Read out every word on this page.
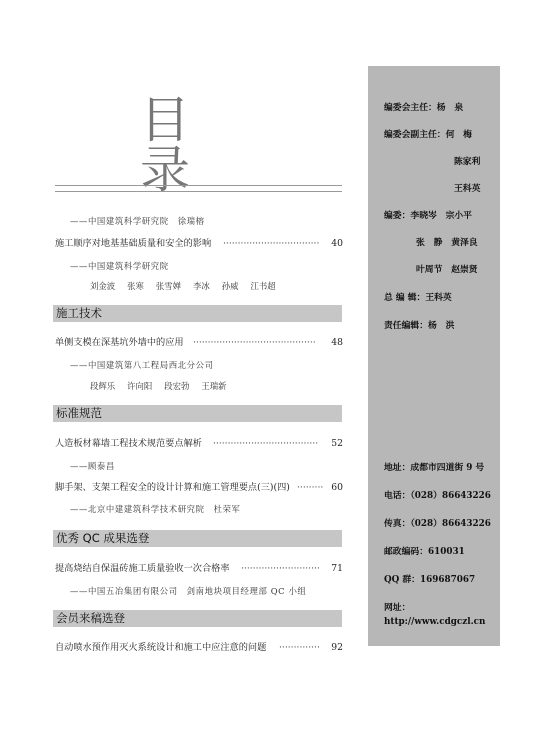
目 录
——中国建筑科学研究院　徐瑞榕
施工顺序对地基基础质量和安全的影响 ·································	40
——中国建筑科学研究院
刘金波 张寒 张雪婵 李冰 孙威 江书超
施工技术
单侧支模在深基坑外墙中的应用 ··········································	48
——中国建筑第八工程局西北分公司
段辉乐 许向阳 段宏勃 王瑞新
标准规范
人造板材幕墙工程技术规范要点解析 ····································	52
——顾泰昌
脚手架、支架工程安全的设计计算和施工管理要点(三)(四) ········· 60
——北京中建建筑科学技术研究院　杜荣军
优秀 QC 成果选登
提高烧结自保温砖施工质量验收一次合格率 ···························	71
——中国五冶集团有限公司　剑南地块项目经理部 QC 小组
会员来稿选登
自动喷水预作用灭火系统设计和施工中应注意的问题 ··············	92
编委会主任：杨　泉
编委会副主任：何　梅
陈家利
王科英
编委：李晓岑　宗小平
张　静　黄泽良
叶周节　赵崇贤
总 编 辑：王科英
责任编辑：杨　洪
地址：成都市四道街 9 号
电话：（028）86643226
传真：（028）86643226
邮政编码：610031
QQ 群：169687067
网址：
http://www.cdgczl.cn
